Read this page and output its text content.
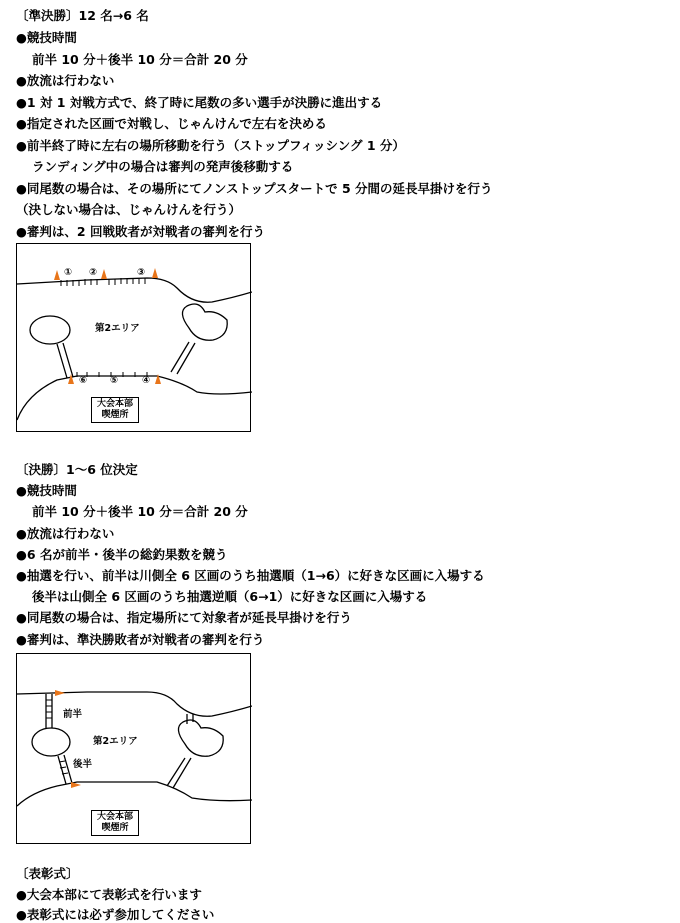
〔準決勝〕12 名→6 名
●競技時間
前半 10 分＋後半 10 分＝合計 20 分
●放流は行わない
●1 対 1 対戦方式で、終了時に尾数の多い選手が決勝に進出する
●指定された区画で対戦し、じゃんけんで左右を決める
●前半終了時に左右の場所移動を行う（ストップフィッシング 1 分）
ランディング中の場合は審判の発声後移動する
●同尾数の場合は、その場所にてノンストップスタートで 5 分間の延長早掛けを行う
（決しない場合は、じゃんけんを行う）
●審判は、2 回戦敗者が対戦者の審判を行う
① ②	③
⑥ ⑤	④
第2エリア
大会本部
喫煙所
〔決勝〕1～6 位決定
●競技時間
前半 10 分＋後半 10 分＝合計 20 分
●放流は行わない
●6 名が前半・後半の総釣果数を競う
●抽選を行い、前半は川側全 6 区画のうち抽選順（1→6）に好きな区画に入場する
後半は山側全 6 区画のうち抽選逆順（6→1）に好きな区画に入場する
●同尾数の場合は、指定場所にて対象者が延長早掛けを行う
●審判は、準決勝敗者が対戦者の審判を行う
前半
後半
第2エリア
大会本部
喫煙所
〔表彰式〕
●大会本部にて表彰式を行います
●表彰式には必ず参加してください
